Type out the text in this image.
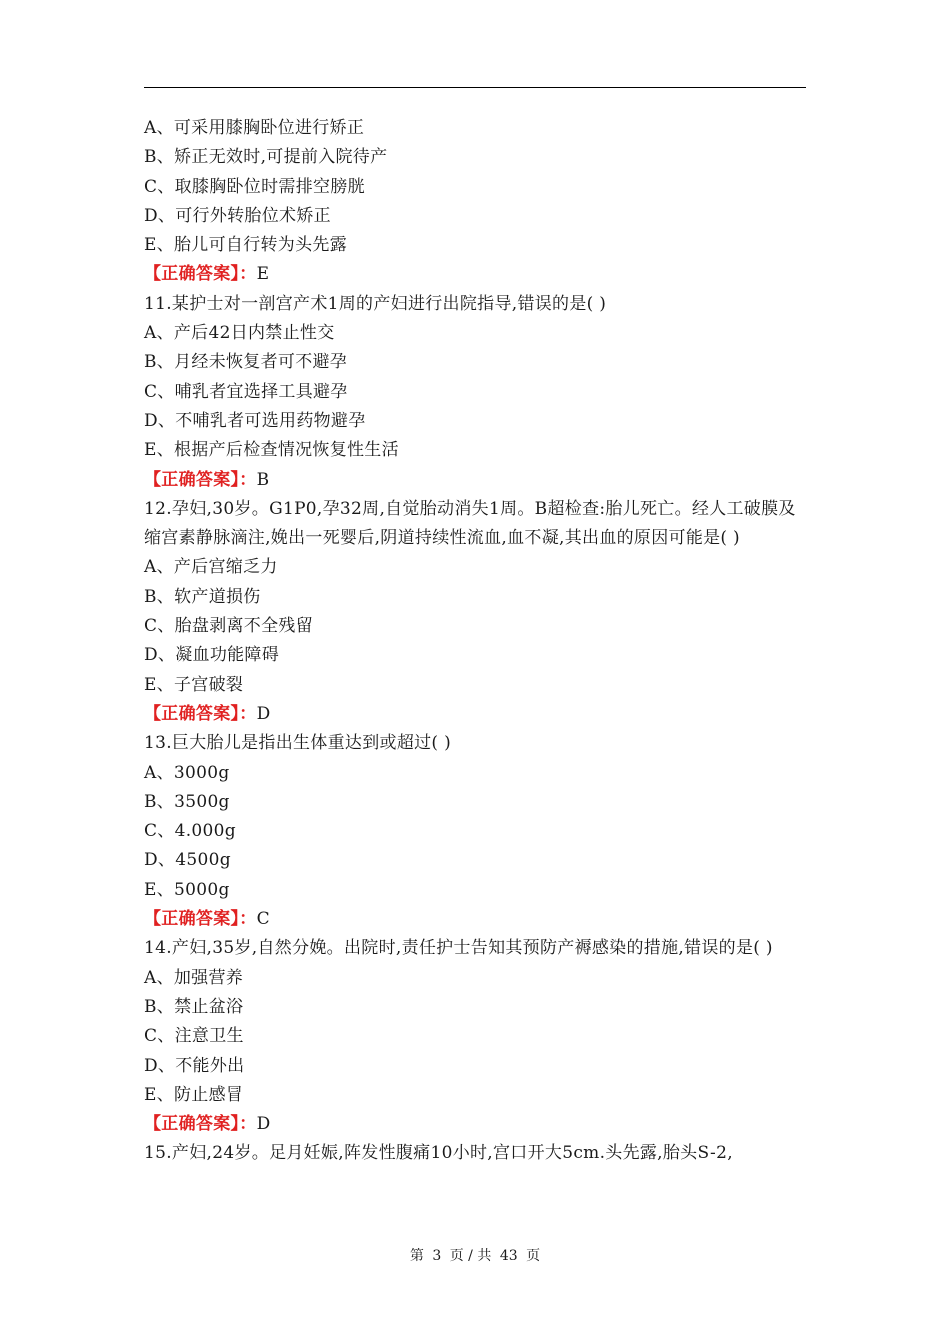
A、可采用膝胸卧位进行矫正
B、矫正无效时,可提前入院待产
C、取膝胸卧位时需排空膀胱
D、可行外转胎位术矫正
E、胎儿可自行转为头先露
【正确答案】：E
11.某护士对一剖宫产术1周的产妇进行出院指导,错误的是( )
A、产后42日内禁止性交
B、月经未恢复者可不避孕
C、哺乳者宜选择工具避孕
D、不哺乳者可选用药物避孕
E、根据产后检查情况恢复性生活
【正确答案】：B
12.孕妇,30岁。G1P0,孕32周,自觉胎动消失1周。B超检查:胎儿死亡。经人工破膜及缩宫素静脉滴注,娩出一死婴后,阴道持续性流血,血不凝,其出血的原因可能是( )
A、产后宫缩乏力
B、软产道损伤
C、胎盘剥离不全残留
D、凝血功能障碍
E、子宫破裂
【正确答案】：D
13.巨大胎儿是指出生体重达到或超过( )
A、3000g
B、3500g
C、4.000g
D、4500g
E、5000g
【正确答案】：C
14.产妇,35岁,自然分娩。出院时,责任护士告知其预防产褥感染的措施,错误的是( )
A、加强营养
B、禁止盆浴
C、注意卫生
D、不能外出
E、防止感冒
【正确答案】：D
15.产妇,24岁。足月妊娠,阵发性腹痛10小时,宫口开大5cm.头先露,胎头S-2,
第 3 页 / 共 43 页
